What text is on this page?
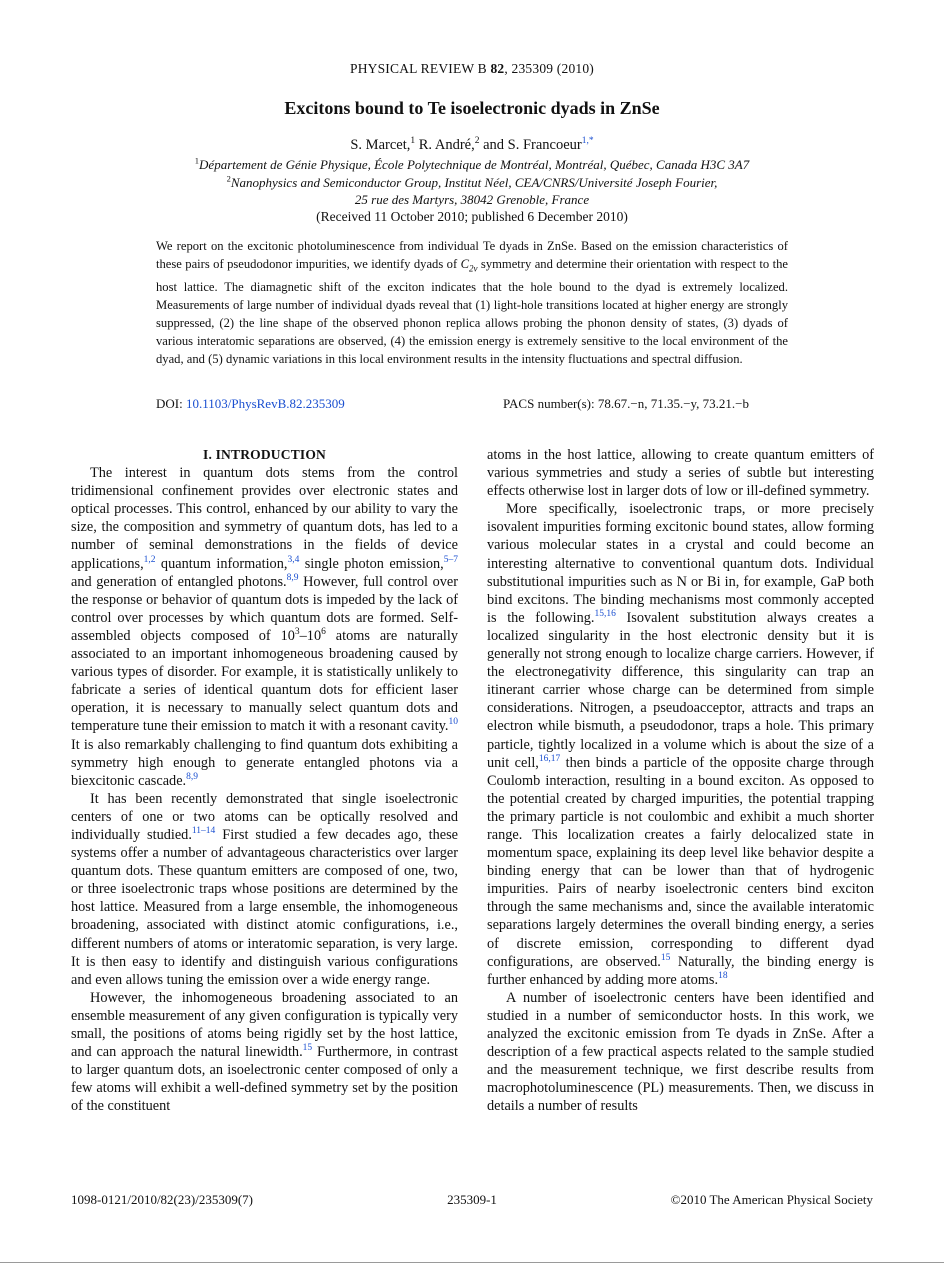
PHYSICAL REVIEW B 82, 235309 (2010)
Excitons bound to Te isoelectronic dyads in ZnSe
S. Marcet,$^1$ R. André,$^2$ and S. Francoeur$^{1,*}$
$^1$Département de Génie Physique, École Polytechnique de Montréal, Montréal, Québec, Canada H3C 3A7
$^2$Nanophysics and Semiconductor Group, Institut Néel, CEA/CNRS/Université Joseph Fourier,
25 rue des Martyrs, 38042 Grenoble, France
(Received 11 October 2010; published 6 December 2010)
We report on the excitonic photoluminescence from individual Te dyads in ZnSe. Based on the emission characteristics of these pairs of pseudodonor impurities, we identify dyads of $C_{2v}$ symmetry and determine their orientation with respect to the host lattice. The diamagnetic shift of the exciton indicates that the hole bound to the dyad is extremely localized. Measurements of large number of individual dyads reveal that (1) light-hole transitions located at higher energy are strongly suppressed, (2) the line shape of the observed phonon replica allows probing the phonon density of states, (3) dyads of various interatomic separations are observed, (4) the emission energy is extremely sensitive to the local environment of the dyad, and (5) dynamic variations in this local environment results in the intensity fluctuations and spectral diffusion.
DOI: 10.1103/PhysRevB.82.235309	PACS number(s): 78.67.−n, 71.35.−y, 73.21.−b

I. INTRODUCTION

The interest in quantum dots stems from the control tridimensional confinement provides over electronic states and optical processes. This control, enhanced by our ability to vary the size, the composition and symmetry of quantum dots, has led to a number of seminal demonstrations in the fields of device applications,$^{1,2}$ quantum information,$^{3,4}$ single photon emission,$^{5-7}$ and generation of entangled photons.$^{8,9}$ However, full control over the response or behavior of quantum dots is impeded by the lack of control over processes by which quantum dots are formed. Self-assembled objects composed of $10^3-10^6$ atoms are naturally associated to an important inhomogeneous broadening caused by various types of disorder. For example, it is statistically unlikely to fabricate a series of identical quantum dots for efficient laser operation, it is necessary to manually select quantum dots and temperature tune their emission to match it with a resonant cavity.$^{10}$ It is also remarkably challenging to find quantum dots exhibiting a symmetry high enough to generate entangled photons via a biexcitonic cascade.$^{8,9}$

It has been recently demonstrated that single isoelectronic centers of one or two atoms can be optically resolved and individually studied.$^{11-14}$ First studied a few decades ago, these systems offer a number of advantageous characteristics over larger quantum dots. These quantum emitters are composed of one, two, or three isoelectronic traps whose positions are determined by the host lattice. Measured from a large ensemble, the inhomogeneous broadening, associated with distinct atomic configurations, i.e., different numbers of atoms or interatomic separation, is very large. It is then easy to identify and distinguish various configurations and even allows tuning the emission over a wide energy range.

However, the inhomogeneous broadening associated to an ensemble measurement of any given configuration is typically very small, the positions of atoms being rigidly set by the host lattice, and can approach the natural linewidth.$^{15}$ Furthermore, in contrast to larger quantum dots, an isoelectronic center composed of only a few atoms will exhibit a well-defined symmetry set by the position of the constituent

atoms in the host lattice, allowing to create quantum emitters of various symmetries and study a series of subtle but interesting effects otherwise lost in larger dots of low or ill-defined symmetry.

More specifically, isoelectronic traps, or more precisely isovalent impurities forming excitonic bound states, allow forming various molecular states in a crystal and could become an interesting alternative to conventional quantum dots. Individual substitutional impurities such as N or Bi in, for example, GaP both bind excitons. The binding mechanisms most commonly accepted is the following.$^{15,16}$ Isovalent substitution always creates a localized singularity in the host electronic density but it is generally not strong enough to localize charge carriers. However, if the electronegativity difference, this singularity can trap an itinerant carrier whose charge can be determined from simple considerations. Nitrogen, a pseudoacceptor, attracts and traps an electron while bismuth, a pseudodonor, traps a hole. This primary particle, tightly localized in a volume which is about the size of a unit cell,$^{16,17}$ then binds a particle of the opposite charge through Coulomb interaction, resulting in a bound exciton. As opposed to the potential created by charged impurities, the potential trapping the primary particle is not coulombic and exhibit a much shorter range. This localization creates a fairly delocalized state in momentum space, explaining its deep level like behavior despite a binding energy that can be lower than that of hydrogenic impurities. Pairs of nearby isoelectronic centers bind exciton through the same mechanisms and, since the available interatomic separations largely determines the overall binding energy, a series of discrete emission, corresponding to different dyad configurations, are observed.$^{15}$ Naturally, the binding energy is further enhanced by adding more atoms.$^{18}$

A number of isoelectronic centers have been identified and studied in a number of semiconductor hosts. In this work, we analyzed the excitonic emission from Te dyads in ZnSe. After a description of a few practical aspects related to the sample studied and the measurement technique, we first describe results from macrophotoluminescence (PL) measurements. Then, we discuss in details a number of results

1098-0121/2010/82(23)/235309(7)	235309-1	©2010 The American Physical Society
